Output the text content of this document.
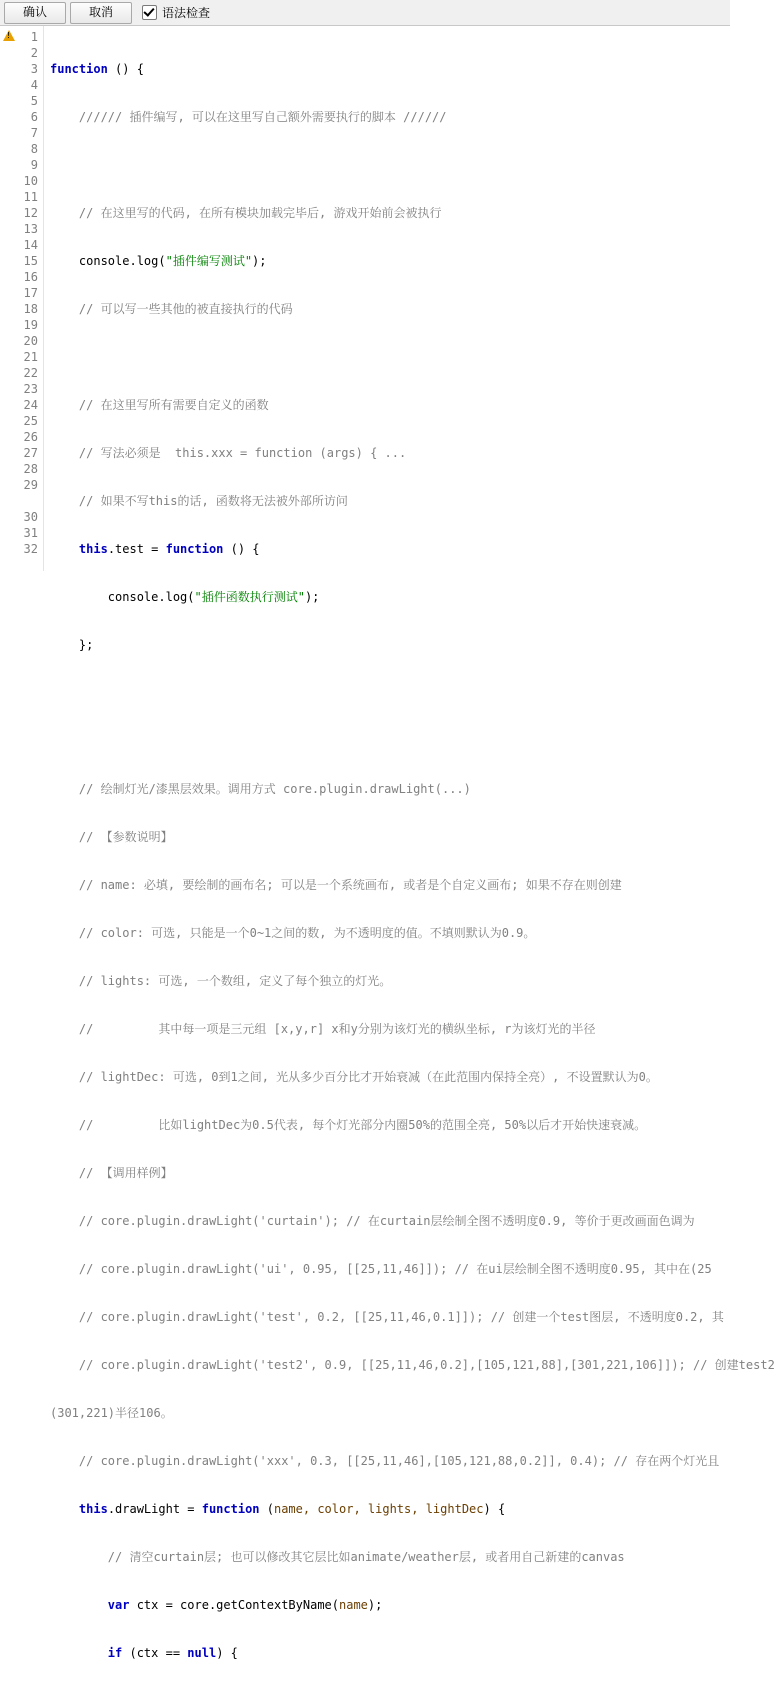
确认	取消	语法检查
!
1
2
3
4
5
6
7
8
9
10
11
12
13
14
15
16
17
18
19
20
21
22
23
24
25
26
27
28
29
30
31
32

function () {

////// 插件编写, 可以在这里写自己额外需要执行的脚本 //////

// 在这里写的代码, 在所有模块加载完毕后, 游戏开始前会被执行

console.log("插件编写测试");

// 可以写一些其他的被直接执行的代码

// 在这里写所有需要自定义的函数

// 写法必须是  this.xxx = function (args) { ...

// 如果不写this的话, 函数将无法被外部所访问

this.test = function () {

console.log("插件函数执行测试");

};

// 绘制灯光/漆黑层效果。调用方式 core.plugin.drawLight(...)

// 【参数说明】

// name: 必填, 要绘制的画布名; 可以是一个系统画布, 或者是个自定义画布; 如果不存在则创建

// color: 可选, 只能是一个0~1之间的数, 为不透明度的值。不填则默认为0.9。

// lights: 可选, 一个数组, 定义了每个独立的灯光。

//         其中每一项是三元组 [x,y,r] x和y分别为该灯光的横纵坐标, r为该灯光的半径

// lightDec: 可选, 0到1之间, 光从多少百分比才开始衰减（在此范围内保持全亮）, 不设置默认为0。

//         比如lightDec为0.5代表, 每个灯光部分内圈50%的范围全亮, 50%以后才开始快速衰减。

// 【调用样例】

// core.plugin.drawLight('curtain'); // 在curtain层绘制全图不透明度0.9, 等价于更改画面色调为

// core.plugin.drawLight('ui', 0.95, [[25,11,46]]); // 在ui层绘制全图不透明度0.95, 其中在(25

// core.plugin.drawLight('test', 0.2, [[25,11,46,0.1]]); // 创建一个test图层, 不透明度0.2, 其

// core.plugin.drawLight('test2', 0.9, [[25,11,46,0.2],[105,121,88],[301,221,106]]); // 创建test2

(301,221)半径106。

// core.plugin.drawLight('xxx', 0.3, [[25,11,46],[105,121,88,0.2]], 0.4); // 存在两个灯光且

this.drawLight = function (name, color, lights, lightDec) {

// 清空curtain层; 也可以修改其它层比如animate/weather层, 或者用自己新建的canvas

var ctx = core.getContextByName(name);

if (ctx == null) {
